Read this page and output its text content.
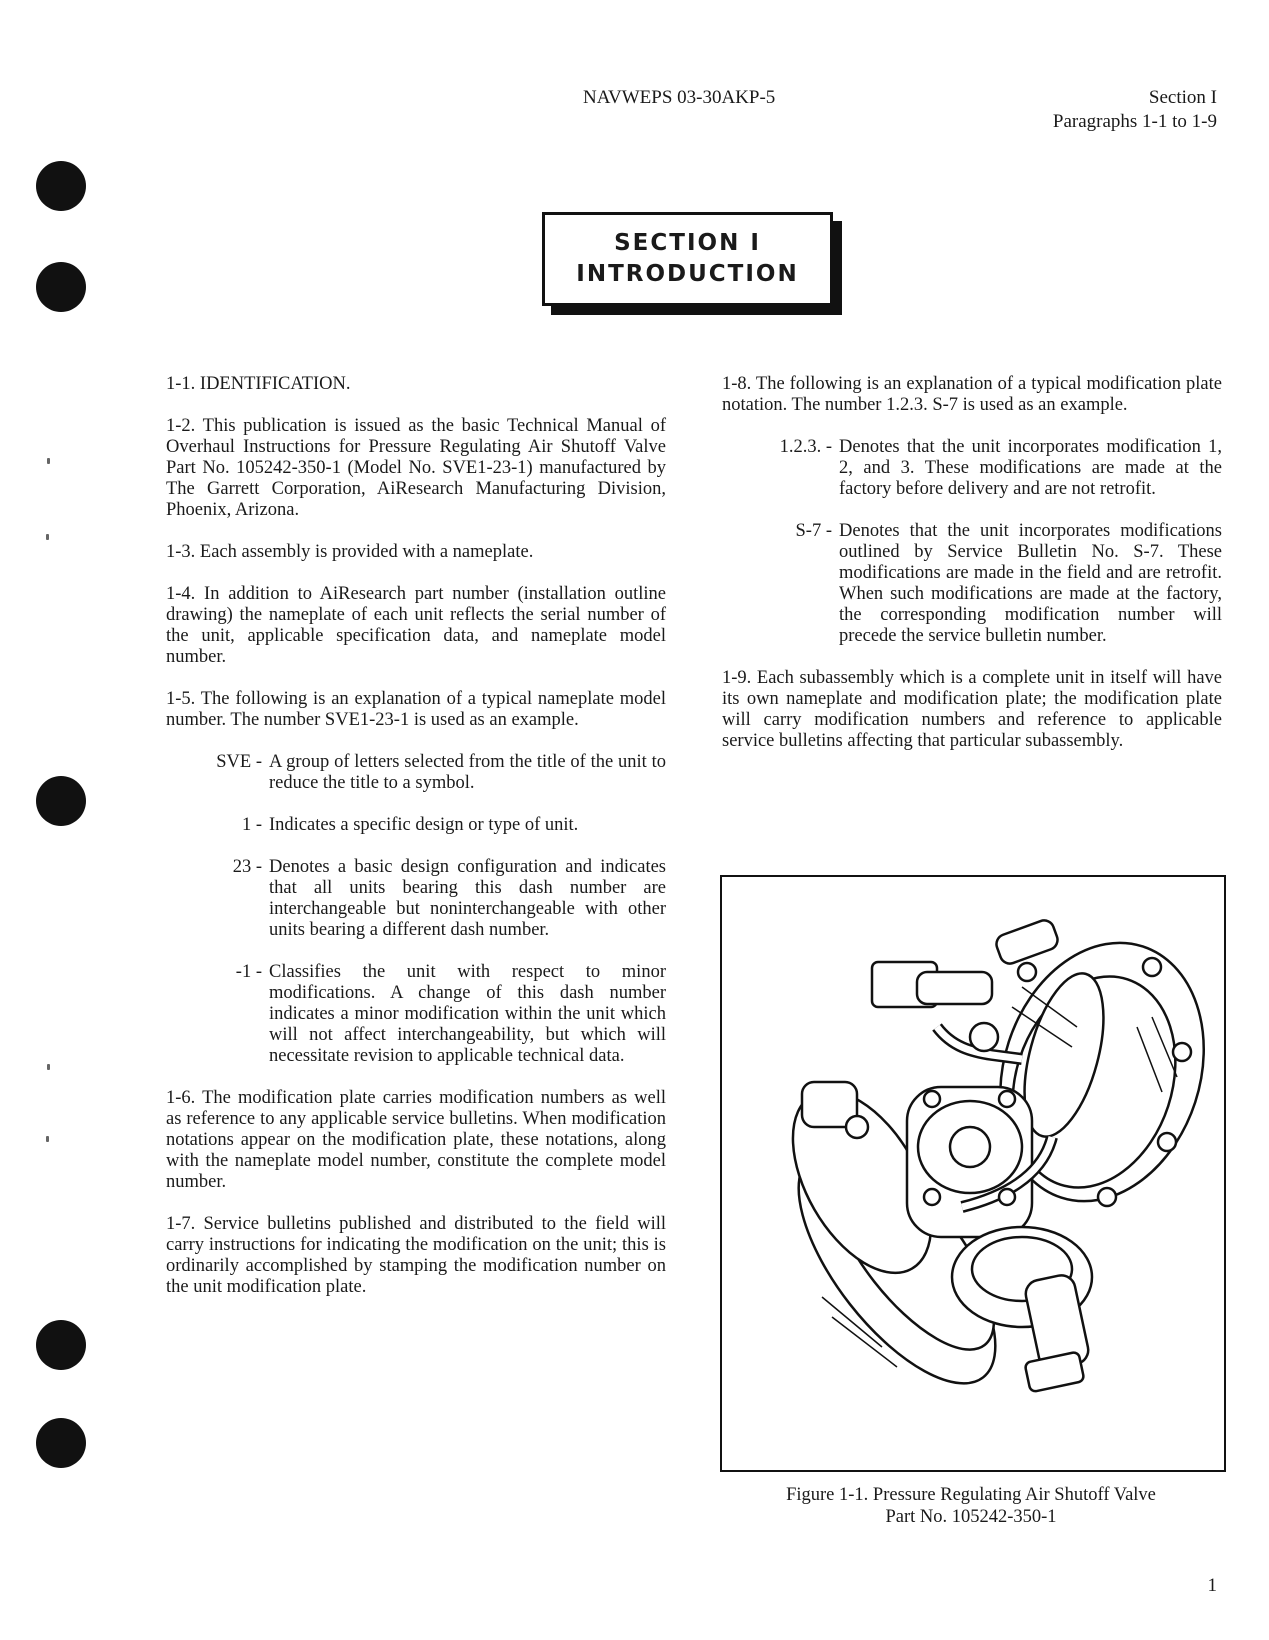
NAVWEPS 03-30AKP-5	Section I
Paragraphs 1-1 to 1-9
SECTION I
INTRODUCTION

1-1. IDENTIFICATION.

1-2. This publication is issued as the basic Technical Manual of Overhaul Instructions for Pressure Regulating Air Shutoff Valve Part No. 105242-350-1 (Model No. SVE1-23-1) manufactured by The Garrett Corporation, AiResearch Manufacturing Division, Phoenix, Arizona.

1-3. Each assembly is provided with a nameplate.

1-4. In addition to AiResearch part number (installation outline drawing) the nameplate of each unit reflects the serial number of the unit, applicable specification data, and nameplate model number.

1-5. The following is an explanation of a typical nameplate model number. The number SVE1-23-1 is used as an example.

SVE - A group of letters selected from the title of the unit to reduce the title to a symbol.
1 - Indicates a specific design or type of unit.
23 - Denotes a basic design configuration and indicates that all units bearing this dash number are interchangeable but noninterchangeable with other units bearing a different dash number.
-1 - Classifies the unit with respect to minor modifications. A change of this dash number indicates a minor modification within the unit which will not affect interchangeability, but which will necessitate revision to applicable technical data.

1-6. The modification plate carries modification numbers as well as reference to any applicable service bulletins. When modification notations appear on the modification plate, these notations, along with the nameplate model number, constitute the complete model number.

1-7. Service bulletins published and distributed to the field will carry instructions for indicating the modification on the unit; this is ordinarily accomplished by stamping the modification number on the unit modification plate.

1-8. The following is an explanation of a typical modification plate notation. The number 1.2.3. S-7 is used as an example.

1.2.3. - Denotes that the unit incorporates modification 1, 2, and 3. These modifications are made at the factory before delivery and are not retrofit.
S-7 - Denotes that the unit incorporates modifications outlined by Service Bulletin No. S-7. These modifications are made in the field and are retrofit. When such modifications are made at the factory, the corresponding modification number will precede the service bulletin number.

1-9. Each subassembly which is a complete unit in itself will have its own nameplate and modification plate; the modification plate will carry modification numbers and reference to applicable service bulletins affecting that particular subassembly.

Figure 1-1. Pressure Regulating Air Shutoff Valve
Part No. 105242-350-1
1
